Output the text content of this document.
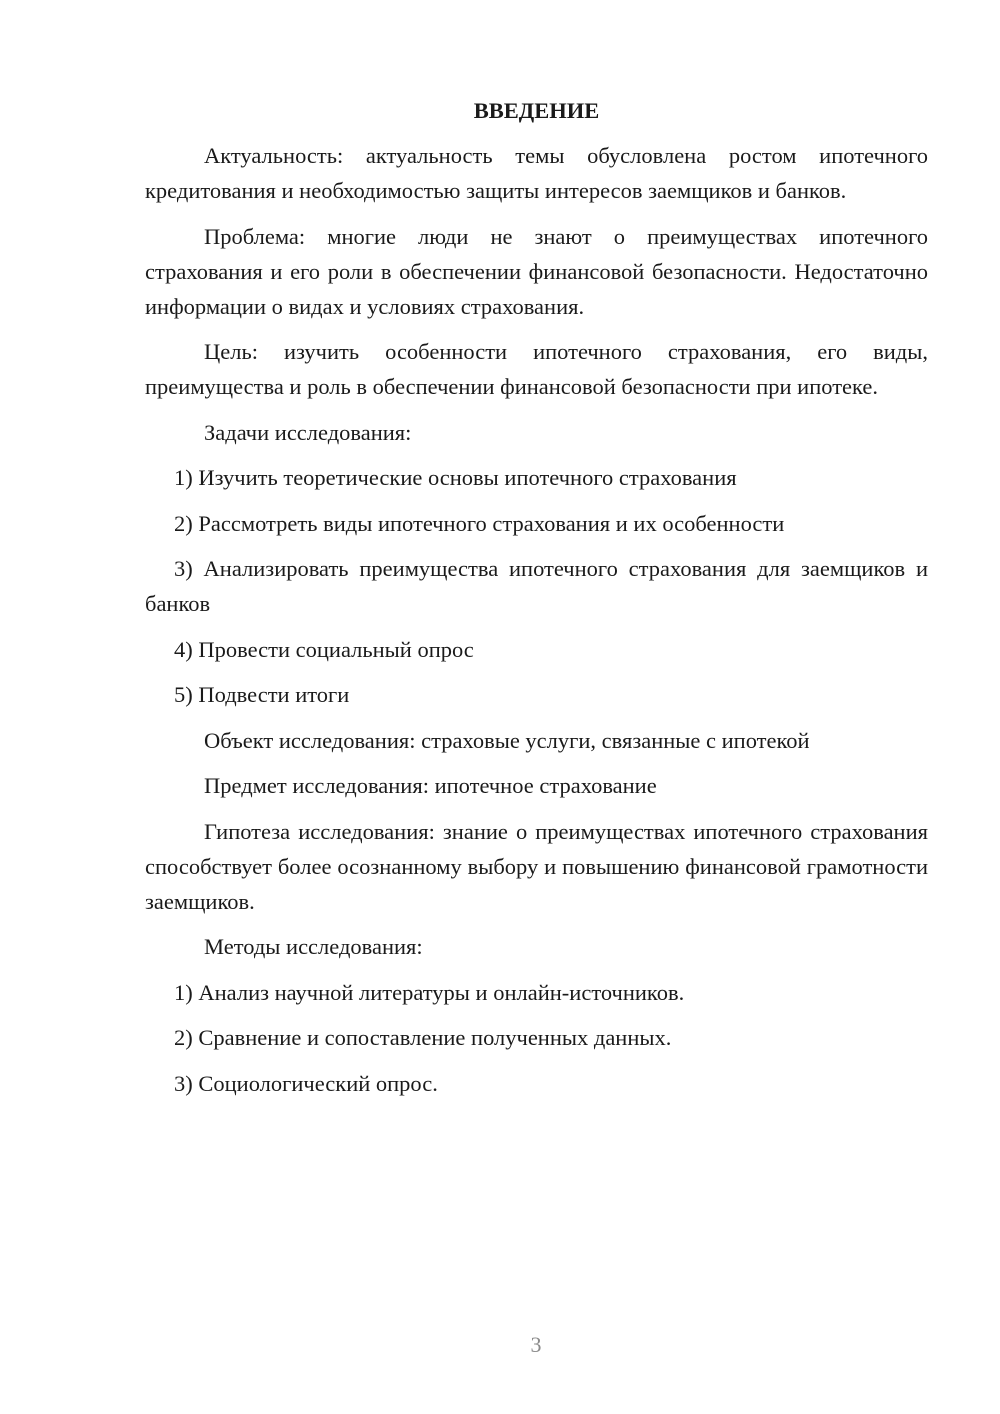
ВВЕДЕНИЕ

Актуальность: актуальность темы обусловлена ростом ипотечного кредитования и необходимостью защиты интересов заемщиков и банков.

Проблема: многие люди не знают о преимуществах ипотечного страхования и его роли в обеспечении финансовой безопасности. Недостаточно информации о видах и условиях страхования.

Цель: изучить особенности ипотечного страхования, его виды, преимущества и роль в обеспечении финансовой безопасности при ипотеке.

Задачи исследования:

1) Изучить теоретические основы ипотечного страхования

2) Рассмотреть виды ипотечного страхования и их особенности

3) Анализировать преимущества ипотечного страхования для заемщиков и банков

4) Провести социальный опрос

5) Подвести итоги

Объект исследования: страховые услуги, связанные с ипотекой

Предмет исследования: ипотечное страхование

Гипотеза исследования: знание о преимуществах ипотечного страхования способствует более осознанному выбору и повышению финансовой грамотности заемщиков.

Методы исследования:

1) Анализ научной литературы и онлайн-источников.

2) Сравнение и сопоставление полученных данных.

3) Социологический опрос.

3
